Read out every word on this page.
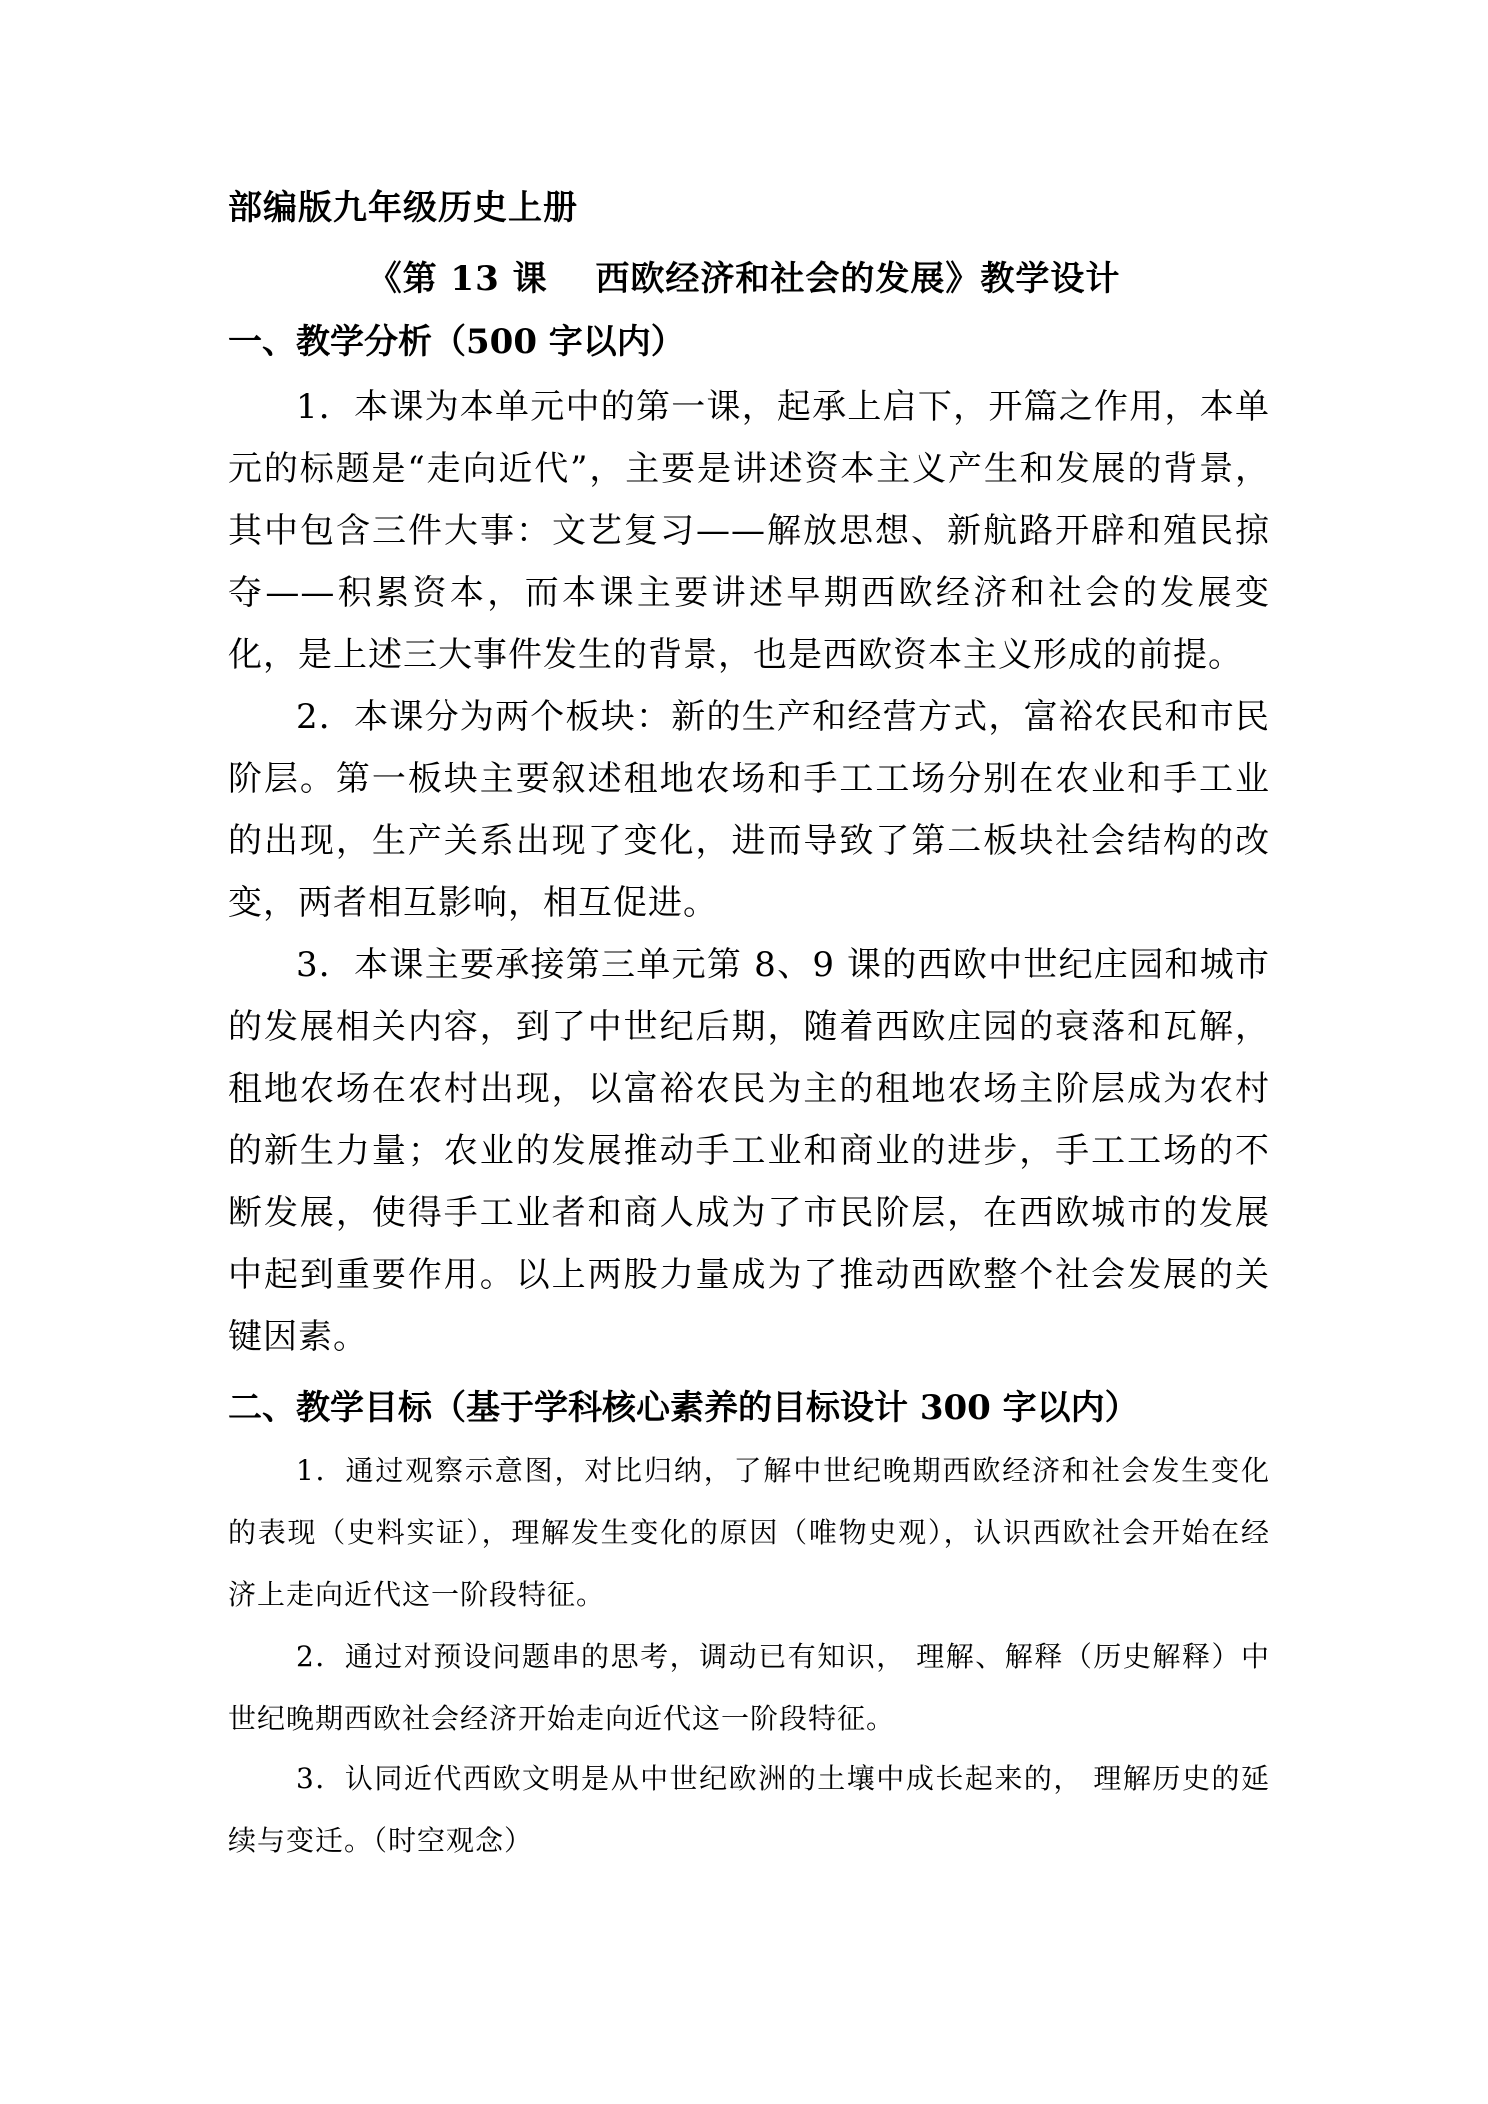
部编版九年级历史上册
《第 13 课　 西欧经济和社会的发展》教学设计
一、教学分析（500 字以内）

1．本课为本单元中的第一课，起承上启下，开篇之作用，本单元的标题是“走向近代”，主要是讲述资本主义产生和发展的背景，其中包含三件大事：文艺复习——解放思想、新航路开辟和殖民掠夺——积累资本，而本课主要讲述早期西欧经济和社会的发展变化，是上述三大事件发生的背景，也是西欧资本主义形成的前提。

2．本课分为两个板块：新的生产和经营方式，富裕农民和市民阶层。第一板块主要叙述租地农场和手工工场分别在农业和手工业的出现，生产关系出现了变化，进而导致了第二板块社会结构的改变，两者相互影响，相互促进。

3．本课主要承接第三单元第 8、9 课的西欧中世纪庄园和城市的发展相关内容，到了中世纪后期，随着西欧庄园的衰落和瓦解，租地农场在农村出现，以富裕农民为主的租地农场主阶层成为农村的新生力量；农业的发展推动手工业和商业的进步，手工工场的不断发展，使得手工业者和商人成为了市民阶层，在西欧城市的发展中起到重要作用。以上两股力量成为了推动西欧整个社会发展的关键因素。

二、教学目标（基于学科核心素养的目标设计 300 字以内）

1．通过观察示意图，对比归纳，了解中世纪晚期西欧经济和社会发生变化的表现（史料实证），理解发生变化的原因（唯物史观），认识西欧社会开始在经济上走向近代这一阶段特征。

2．通过对预设问题串的思考，调动已有知识， 理解、解释（历史解释）中世纪晚期西欧社会经济开始走向近代这一阶段特征。

3．认同近代西欧文明是从中世纪欧洲的土壤中成长起来的， 理解历史的延续与变迁。（时空观念）
